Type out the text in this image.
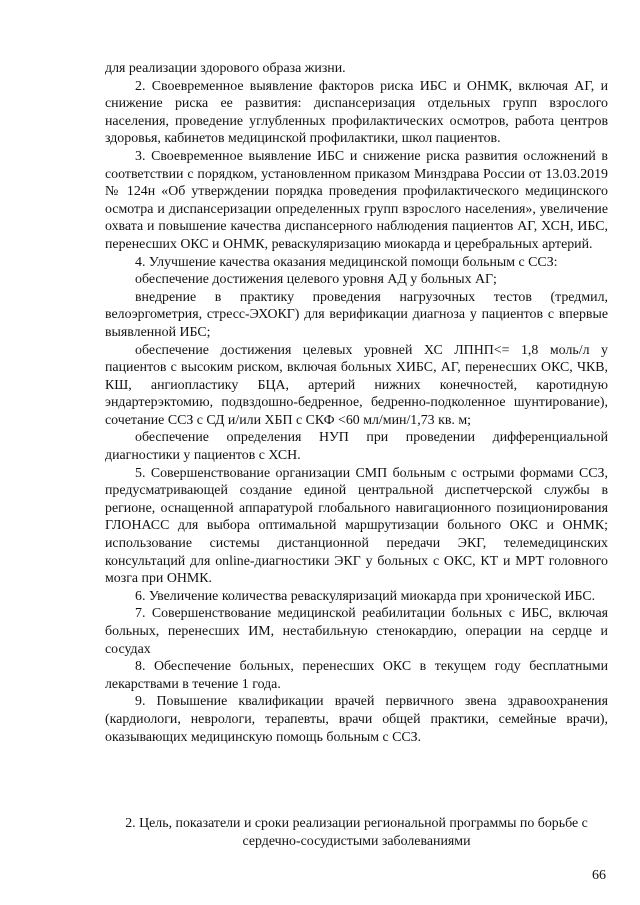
для реализации здорового образа жизни.

2. Своевременное выявление факторов риска ИБС и ОНМК, включая АГ, и снижение риска ее развития: диспансеризация отдельных групп взрослого населения, проведение углубленных профилактических осмотров, работа центров здоровья, кабинетов медицинской профилактики, школ пациентов.

3. Своевременное выявление ИБС и снижение риска развития осложнений в соответствии с порядком, установленном приказом Минздрава России от 13.03.2019 № 124н «Об утверждении порядка проведения профилактического медицинского осмотра и диспансеризации определенных групп взрослого населения», увеличение охвата и повышение качества диспансерного наблюдения пациентов АГ, ХСН, ИБС, перенесших ОКС и ОНМК, реваскуляризацию миокарда и церебральных артерий.

4. Улучшение качества оказания медицинской помощи больным с ССЗ:

обеспечение достижения целевого уровня АД у больных АГ;

внедрение в практику проведения нагрузочных тестов (тредмил, велоэргометрия, стресс-ЭХОКГ) для верификации диагноза у пациентов с впервые выявленной ИБС;

обеспечение достижения целевых уровней ХС ЛПНП<= 1,8 моль/л у пациентов с высоким риском, включая больных ХИБС, АГ, перенесших ОКС, ЧКВ, КШ, ангиопластику БЦА, артерий нижних конечностей, каротидную эндартерэктомию, подвздошно-бедренное, бедренно-подколенное шунтирование), сочетание ССЗ с СД и/или ХБП с СКФ <60 мл/мин/1,73 кв. м;

обеспечение определения НУП при проведении дифференциальной диагностики у пациентов с ХСН.

5. Совершенствование организации СМП больным с острыми формами ССЗ, предусматривающей создание единой центральной диспетчерской службы в регионе, оснащенной аппаратурой глобального навигационного позиционирования ГЛОНАСС для выбора оптимальной маршрутизации больного ОКС и ОНМК; использование системы дистанционной передачи ЭКГ, телемедицинских консультаций для online-диагностики ЭКГ у больных с ОКС, КТ и МРТ головного мозга при ОНМК.

6. Увеличение количества реваскуляризаций миокарда при хронической ИБС.

7. Совершенствование медицинской реабилитации больных с ИБС, включая больных, перенесших ИМ, нестабильную стенокардию, операции на сердце и сосудах

8. Обеспечение больных, перенесших ОКС в текущем году бесплатными лекарствами в течение 1 года.

9. Повышение квалификации врачей первичного звена здравоохранения (кардиологи, неврологи, терапевты, врачи общей практики, семейные врачи), оказывающих медицинскую помощь больным с ССЗ.

2. Цель, показатели и сроки реализации региональной программы по борьбе с
сердечно-сосудистыми заболеваниями
66
